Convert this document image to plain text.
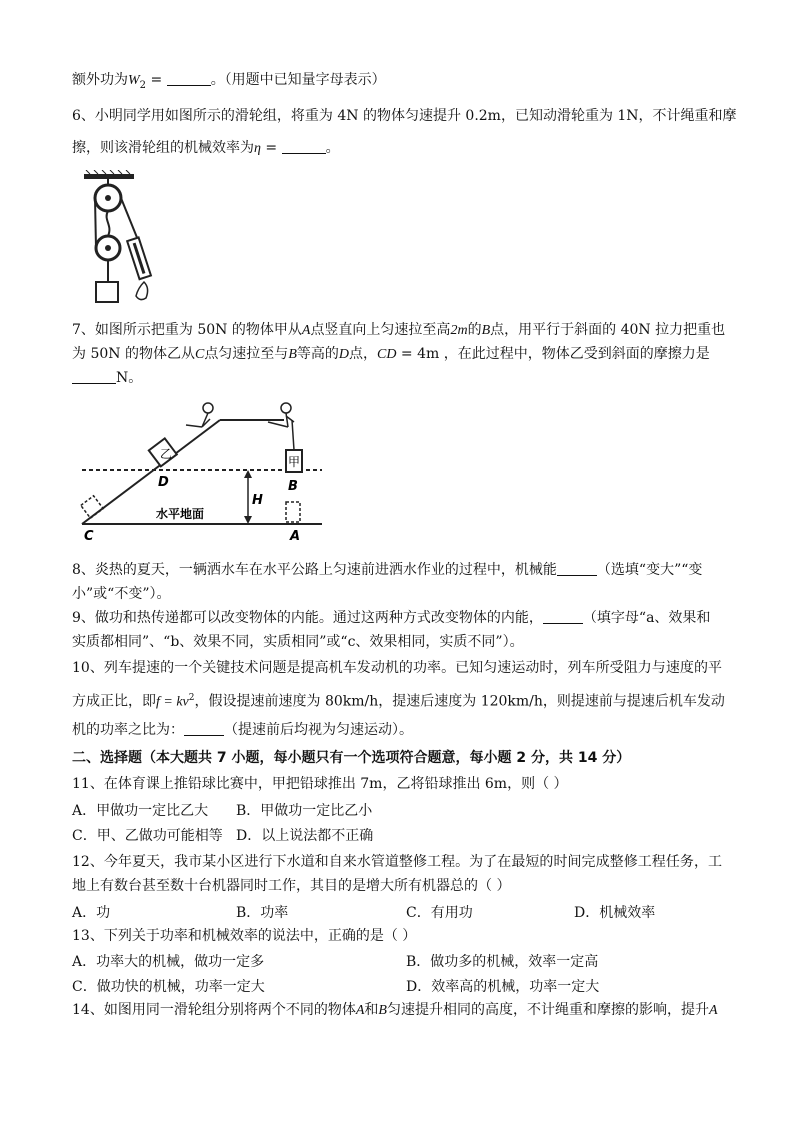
额外功为$W_2$ =	。（用题中已知量字母表示）
6、小明同学用如图所示的滑轮组，将重为 4N 的物体匀速提升 0.2m，已知动滑轮重为 1N，不计绳重和摩
擦，则该滑轮组的机械效率为η =	。
7、如图所示把重为 50N 的物体甲从A点竖直向上匀速拉至高2m的B点，用平行于斜面的 40N 拉力把重也
为 50N 的物体乙从C点匀速拉至与B等高的D点，CD = 4m ，在此过程中，物体乙受到斜面的摩擦力是
N。
乙
甲
D	B
C	A
H
水平地面
8、炎热的夏天，一辆洒水车在水平公路上匀速前进洒水作业的过程中，机械能	（选填“变大”“变
小”或“不变”）。
9、做功和热传递都可以改变物体的内能。通过这两种方式改变物体的内能，	（填字母“a、效果和
实质都相同”、“b、效果不同，实质相同”或“c、效果相同，实质不同”）。
10、列车提速的一个关键技术问题是提高机车发动机的功率。已知匀速运动时，列车所受阻力与速度的平
方成正比，即$f = kv^2$，假设提速前速度为 80km/h，提速后速度为 120km/h，则提速前与提速后机车发动
机的功率之比为：	（提速前后均视为匀速运动）。
二、选择题（本大题共 7 小题，每小题只有一个选项符合题意，每小题 2 分，共 14 分）
11、在体育课上推铅球比赛中，甲把铅球推出 7m，乙将铅球推出 6m，则（ ）
A．甲做功一定比乙大 B．甲做功一定比乙小
C．甲、乙做功可能相等 D．以上说法都不正确
12、今年夏天，我市某小区进行下水道和自来水管道整修工程。为了在最短的时间完成整修工程任务，工
地上有数台甚至数十台机器同时工作，其目的是增大所有机器总的（ ）
A．功	B．功率	C．有用功	D．机械效率
13、下列关于功率和机械效率的说法中，正确的是（ ）
A．功率大的机械，做功一定多	B．做功多的机械，效率一定高
C．做功快的机械，功率一定大	D．效率高的机械，功率一定大
14、如图用同一滑轮组分别将两个不同的物体A和B匀速提升相同的高度，不计绳重和摩擦的影响，提升A
